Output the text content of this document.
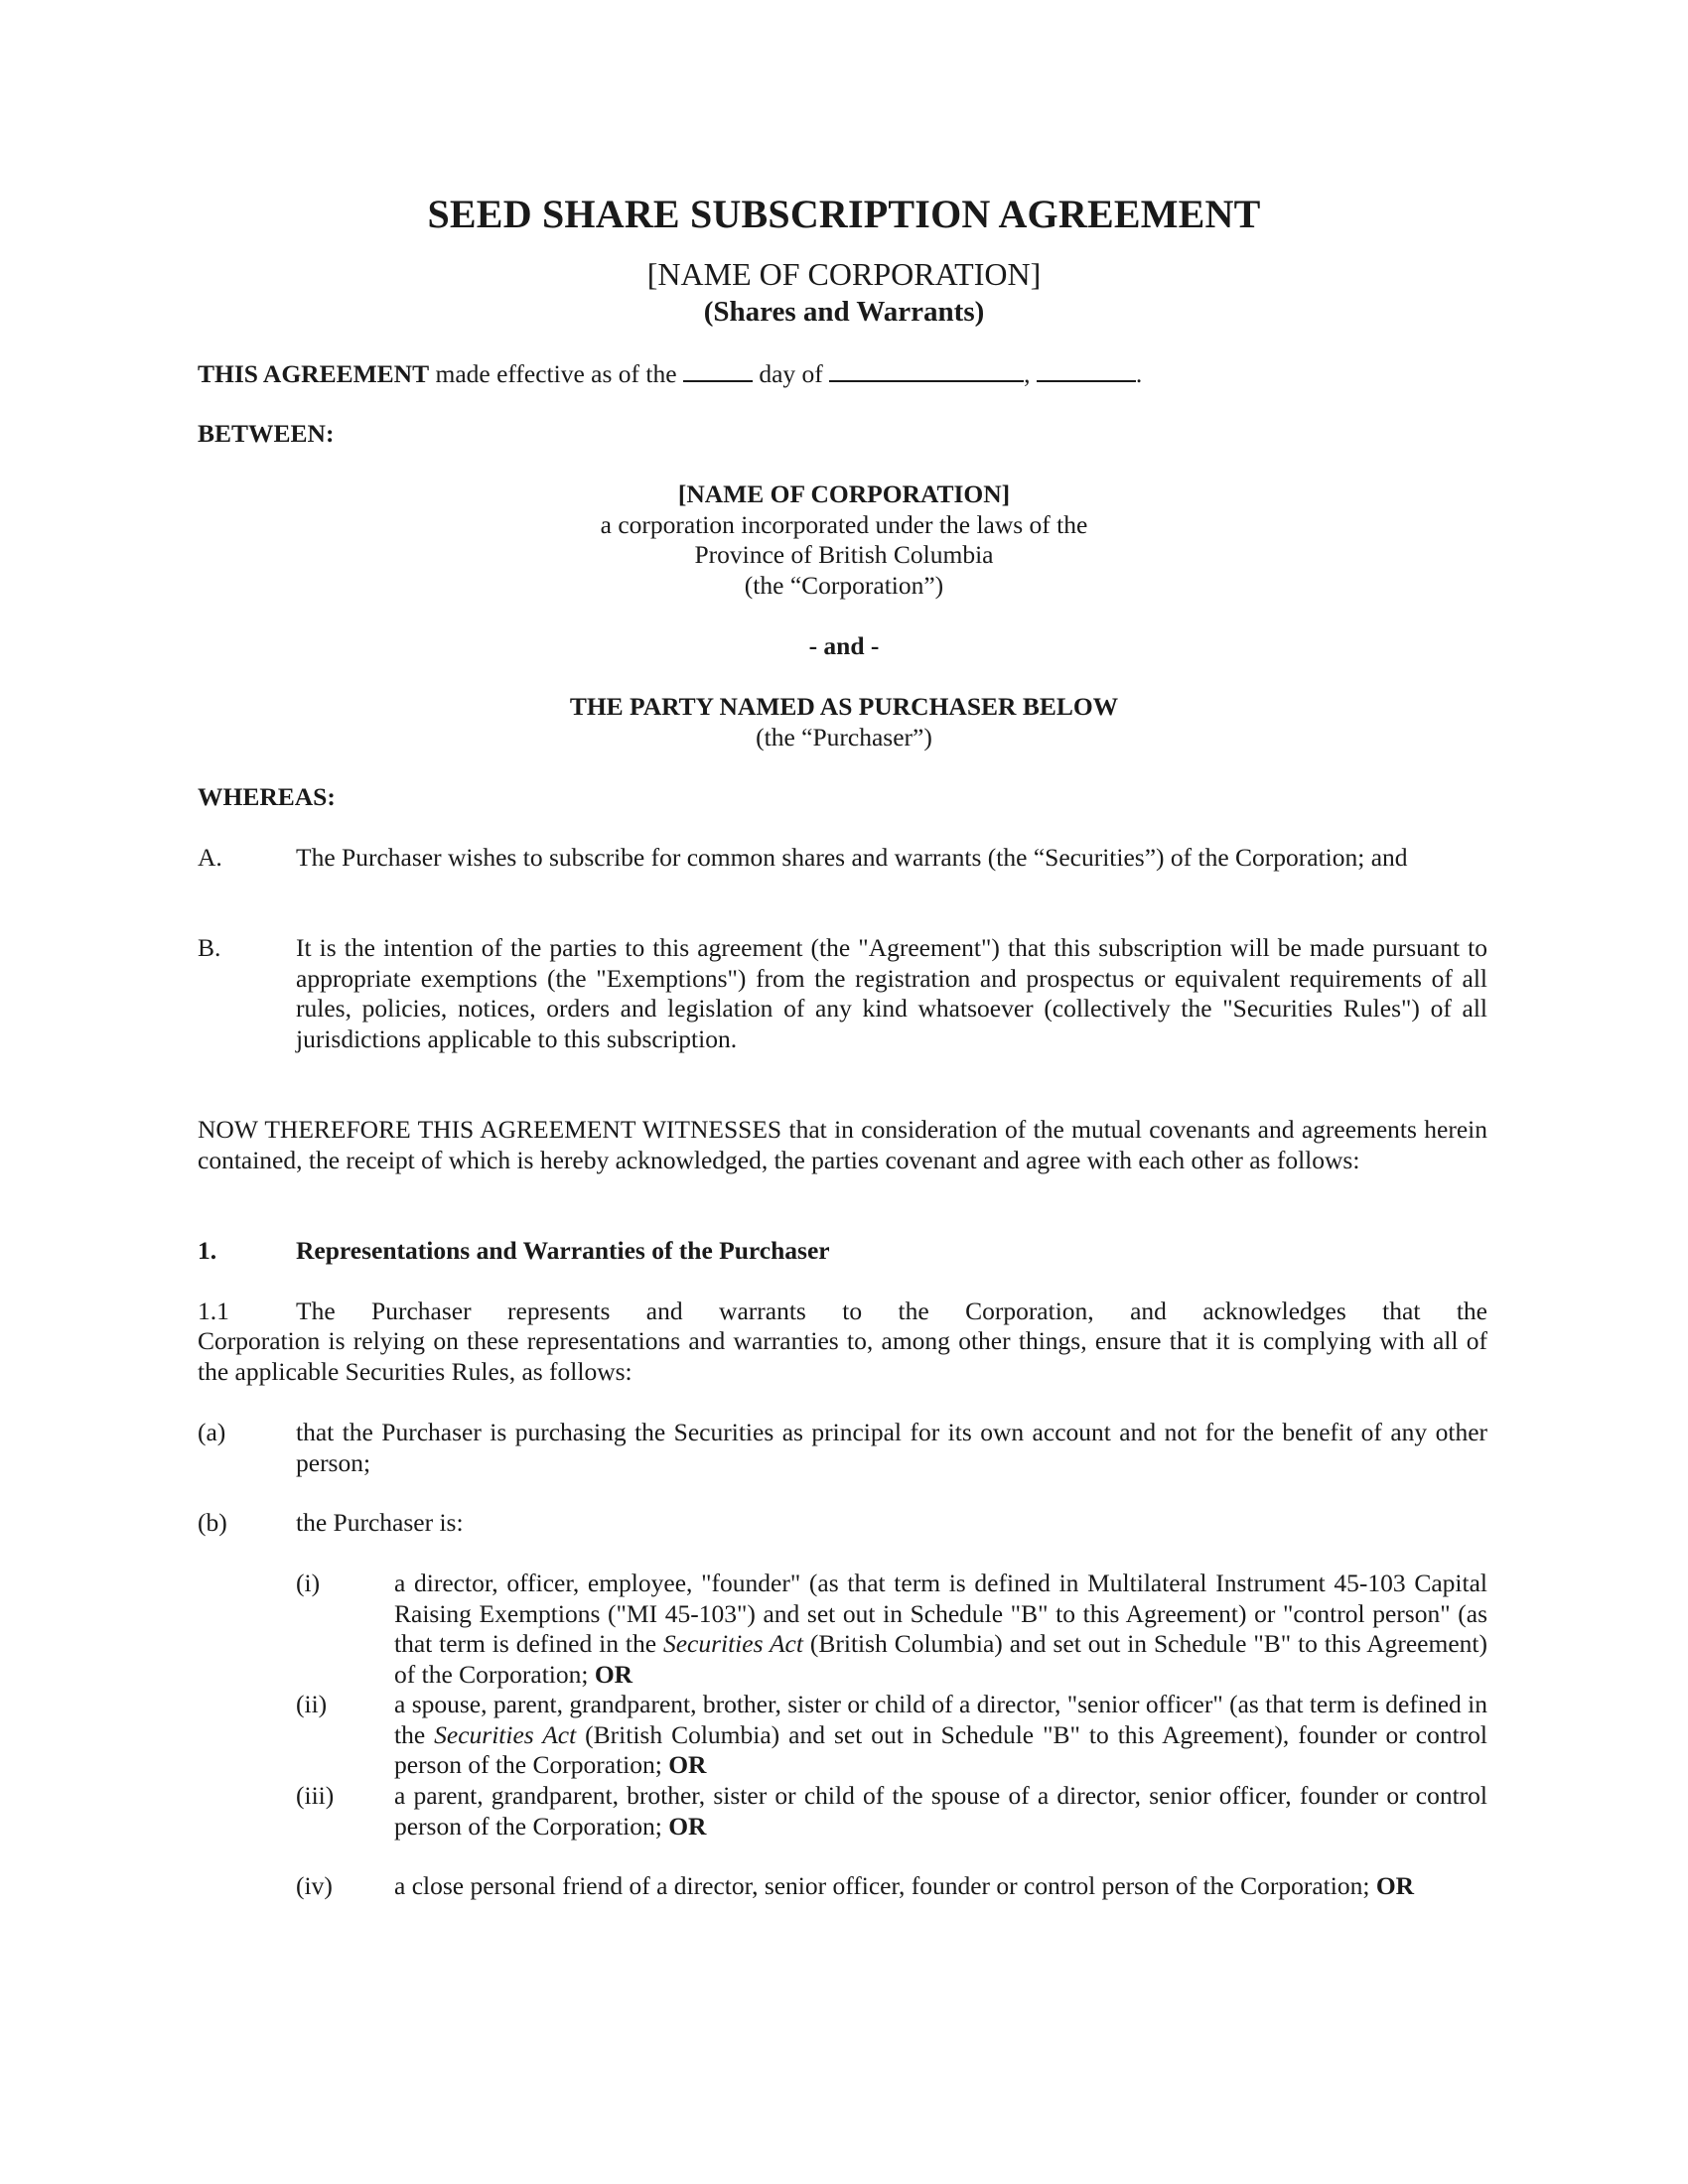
SEED SHARE SUBSCRIPTION AGREEMENT
[NAME OF CORPORATION]
(Shares and Warrants)
THIS AGREEMENT made effective as of the	day of	,	.
BETWEEN:
[NAME OF CORPORATION]
a corporation incorporated under the laws of the
Province of British Columbia
(the “Corporation”)
- and -
THE PARTY NAMED AS PURCHASER BELOW
(the “Purchaser”)
WHEREAS:
A.	The Purchaser wishes to subscribe for common shares and warrants (the “Securities”) of the Corporation; and
B.	It is the intention of the parties to this agreement (the "Agreement") that this subscription will be made pursuant to appropriate exemptions (the "Exemptions") from the registration and prospectus or equivalent requirements of all rules, policies, notices, orders and legislation of any kind whatsoever (collectively the "Securities Rules") of all jurisdictions applicable to this subscription.
NOW THEREFORE THIS AGREEMENT WITNESSES that in consideration of the mutual covenants and agreements herein contained, the receipt of which is hereby acknowledged, the parties covenant and agree with each other as follows:
1.	Representations and Warranties of the Purchaser
1.1	The Purchaser represents and warrants to the Corporation, and acknowledges that the
Corporation is relying on these representations and warranties to, among other things, ensure that it is complying with all of the applicable Securities Rules, as follows:
(a)	that the Purchaser is purchasing the Securities as principal for its own account and not for the benefit of any other person;
(b)	the Purchaser is:
(i)	a director, officer, employee, "founder" (as that term is defined in Multilateral Instrument 45-103 Capital Raising Exemptions ("MI 45-103") and set out in Schedule "B" to this Agreement) or "control person" (as that term is defined in the Securities Act (British Columbia) and set out in Schedule "B" to this Agreement) of the Corporation; OR
(ii)	a spouse, parent, grandparent, brother, sister or child of a director, "senior officer" (as that term is defined in the Securities Act (British Columbia) and set out in Schedule "B" to this Agreement), founder or control person of the Corporation; OR
(iii) a parent, grandparent, brother, sister or child of the spouse of a director, senior officer, founder or control person of the Corporation; OR
(iv) a close personal friend of a director, senior officer, founder or control person of the Corporation; OR
